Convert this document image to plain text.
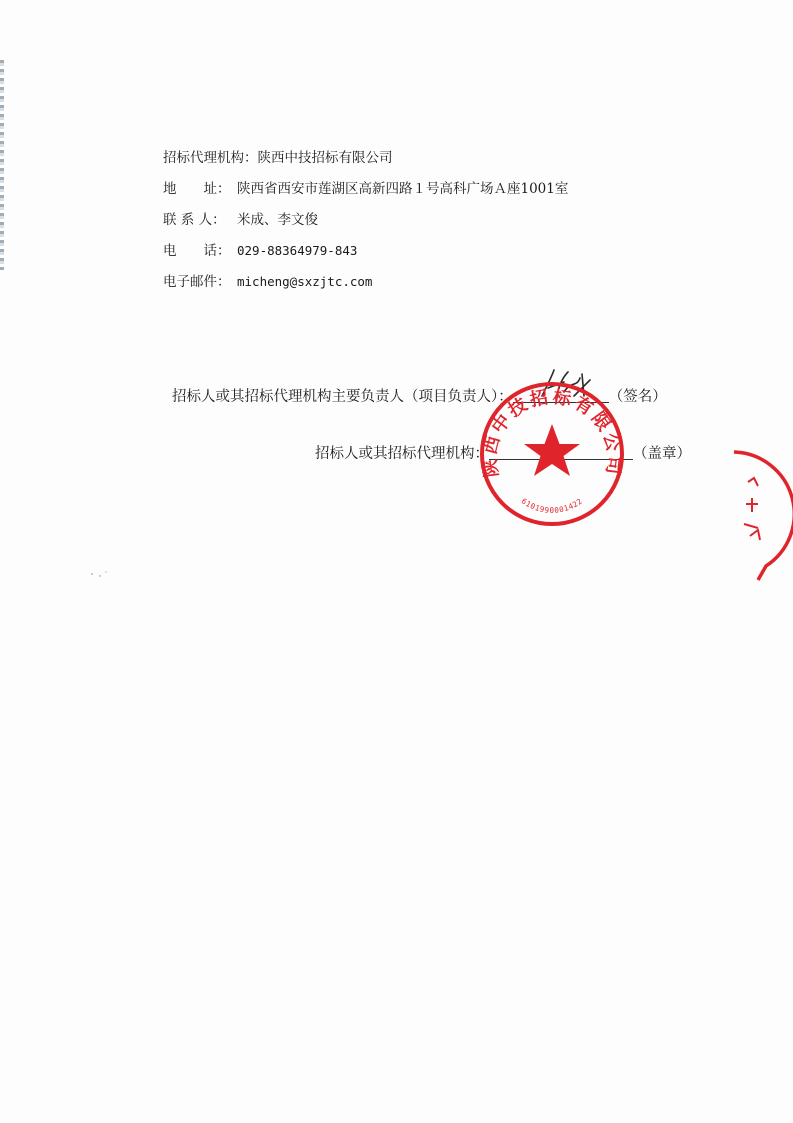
招标代理机构： 陕西中技招标有限公司
地　　址： 陕西省西安市莲湖区高新四路１号高科广场Ａ座1001室
联 系 人： 米成、李文俊
电　　话： 029-88364979-843
电子邮件： micheng@sxzjtc.com
招标人或其招标代理机构主要负责人（项目负责人）：	（签名）
招标人或其招标代理机构：	（盖章）
陕西中技招标有限公司
6101990001422
